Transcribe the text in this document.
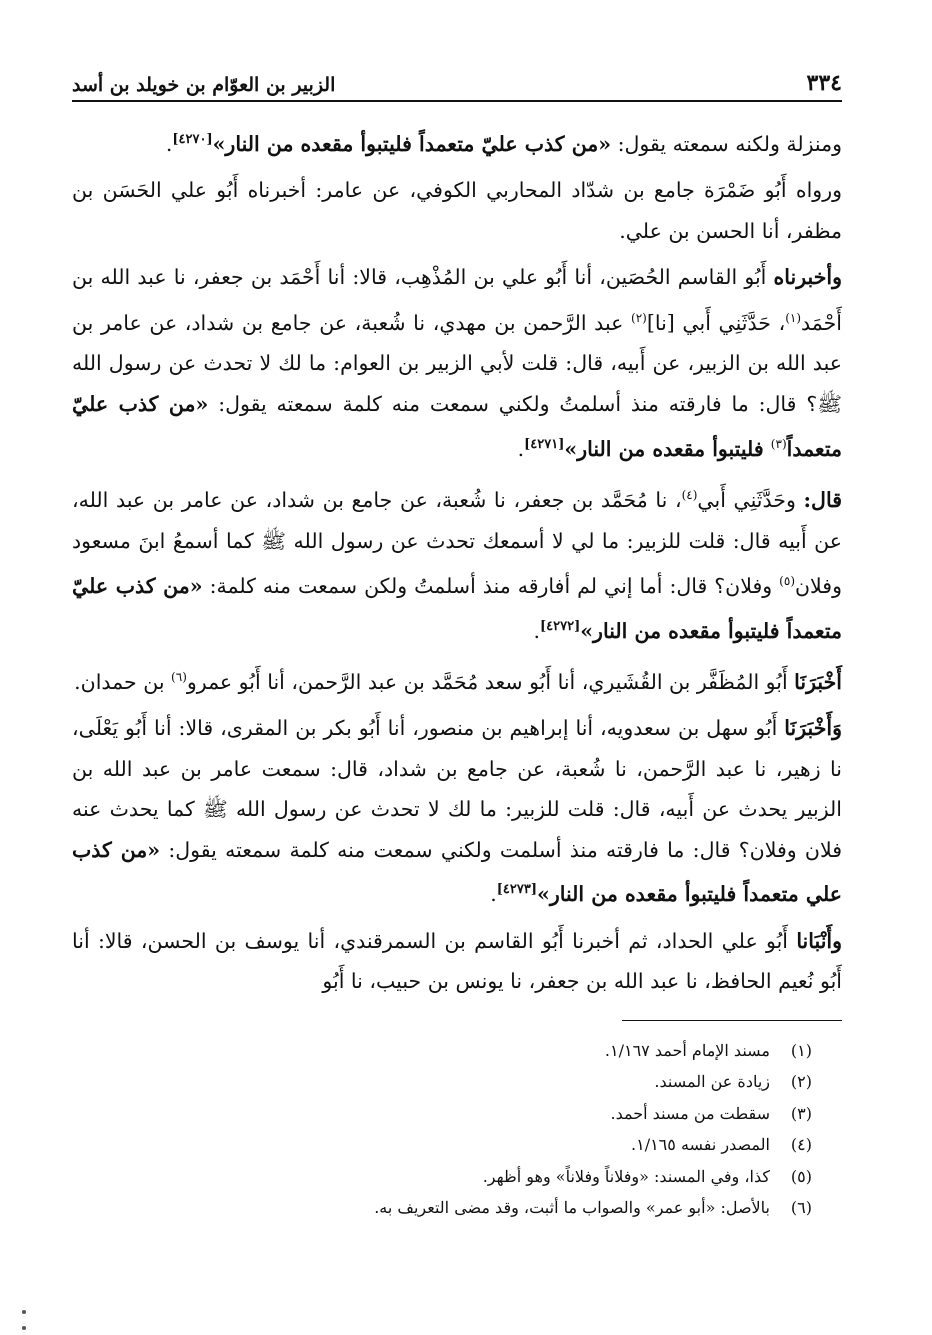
٣٣٤
الزبير بن العوّام بن خويلد بن أسد

ومنزلة ولكنه سمعته يقول: «من كذب عليّ متعمداً فليتبوأ مقعده من النار»[٤٢٧٠].

ورواه أَبُو ضَمْرَة جامع بن شدّاد المحاربي الكوفي، عن عامر: أخبرناه أَبُو علي الحَسَن بن مظفر، أنا الحسن بن علي.

وأخبرناه أَبُو القاسم الحُصَين، أنا أَبُو علي بن المُذْهِب، قالا: أنا أَحْمَد بن جعفر، نا عبد الله بن أَحْمَد$^{(١)}$، حَدَّثَنِي أَبي [نا]$^{(٢)}$ عبد الرَّحمن بن مهدي، نا شُعبة، عن جامع بن شداد، عن عامر بن عبد الله بن الزبير، عن أَبيه، قال: قلت لأبي الزبير بن العوام: ما لك لا تحدث عن رسول الله ﷺ؟ قال: ما فارقته منذ أسلمتُ ولكني سمعت منه كلمة سمعته يقول: «من كذب عليّ متعمداً$^{(٣)}$ فليتبوأ مقعده من النار»[٤٢٧١].

قال: وحَدَّثَنِي أَبي$^{(٤)}$، نا مُحَمَّد بن جعفر، نا شُعبة، عن جامع بن شداد، عن عامر بن عبد الله، عن أَبيه قال: قلت للزبير: ما لي لا أسمعك تحدث عن رسول الله ﷺ كما أسمعُ ابنَ مسعود وفلان$^{(٥)}$ وفلان؟ قال: أما إني لم أفارقه منذ أسلمتُ ولكن سمعت منه كلمة: «من كذب عليّ متعمداً فليتبوأ مقعده من النار»[٤٢٧٢].

أَخْبَرَنَا أَبُو المُظَفَّر بن القُشَيري، أنا أَبُو سعد مُحَمَّد بن عبد الرَّحمن، أنا أَبُو عمرو$^{(٦)}$ بن حمدان.

وَأَخْبَرَنَا أَبُو سهل بن سعدويه، أنا إبراهيم بن منصور، أنا أَبُو بكر بن المقرى، قالا: أنا أَبُو يَعْلَى، نا زهير، نا عبد الرَّحمن، نا شُعبة، عن جامع بن شداد، قال: سمعت عامر بن عبد الله بن الزبير يحدث عن أَبيه، قال: قلت للزبير: ما لك لا تحدث عن رسول الله ﷺ كما يحدث عنه فلان وفلان؟ قال: ما فارقته منذ أسلمت ولكني سمعت منه كلمة سمعته يقول: «من كذب علي متعمداً فليتبوأ مقعده من النار»[٤٢٧٣].

وأَنْبَانا أَبُو علي الحداد، ثم أخبرنا أَبُو القاسم بن السمرقندي، أنا يوسف بن الحسن، قالا: أنا أَبُو نُعيم الحافظ، نا عبد الله بن جعفر، نا يونس بن حبيب، نا أَبُو

(١)
مسند الإمام أحمد ١/١٦٧.
(٢)
زيادة عن المسند.
(٣)
سقطت من مسند أحمد.
(٤)
المصدر نفسه ١/١٦٥.
(٥)
كذا، وفي المسند: «وفلاناً وفلاناً» وهو أظهر.
(٦)
بالأصل: «أبو عمر» والصواب ما أثبت، وقد مضى التعريف به.
